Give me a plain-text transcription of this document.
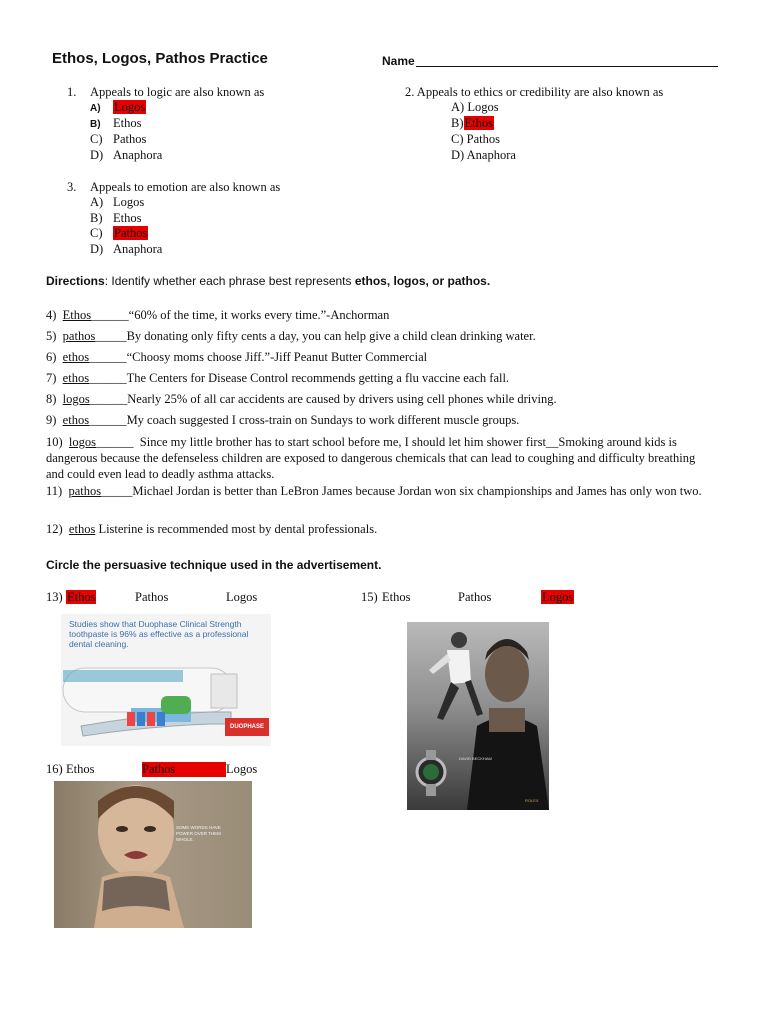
Ethos, Logos, Pathos Practice	Name
1. Appeals to logic are also known as
A) Logos
B) Ethos
C) Pathos
D) Anaphora
2. Appeals to ethics or credibility are also known as
A) Logos
B)Ethos
C) Pathos
D) Anaphora
3. Appeals to emotion are also known as
A) Logos
B) Ethos
C) Pathos
D) Anaphora
Directions: Identify whether each phrase best represents ethos, logos, or pathos.
4) Ethos______“60% of the time, it works every time.”-Anchorman
5) pathos_____By donating only fifty cents a day, you can help give a child clean drinking water.
6) ethos______“Choosy moms choose Jiff.”-Jiff Peanut Butter Commercial
7) ethos______The Centers for Disease Control recommends getting a flu vaccine each fall.
8) logos______Nearly 25% of all car accidents are caused by drivers using cell phones while driving.
9) ethos______My coach suggested I cross-train on Sundays to work different muscle groups.
10) logos______ Since my little brother has to start school before me, I should let him shower first__Smoking around kids is dangerous because the defenseless children are exposed to dangerous chemicals that can lead to coughing and difficulty breathing and could even lead to deadly asthma attacks.
11) pathos_____Michael Jordan is better than LeBron James because Jordan won six championships and James has only won two.
12) ethos Listerine is recommended most by dental professionals.
Circle the persuasive technique used in the advertisement.
13) Ethos	Pathos	Logos	15) Ethos	Pathos	Logos
Studies show that Duophase Clinical Strength toothpaste is 96% as effective as a professional dental cleaning.
DUOPHASE
DAVID BECKHAM
ROLEX
16) Ethos	Pathos	Logos
SOME WORDS HAVE POWER OVER THEM WHOLE.
